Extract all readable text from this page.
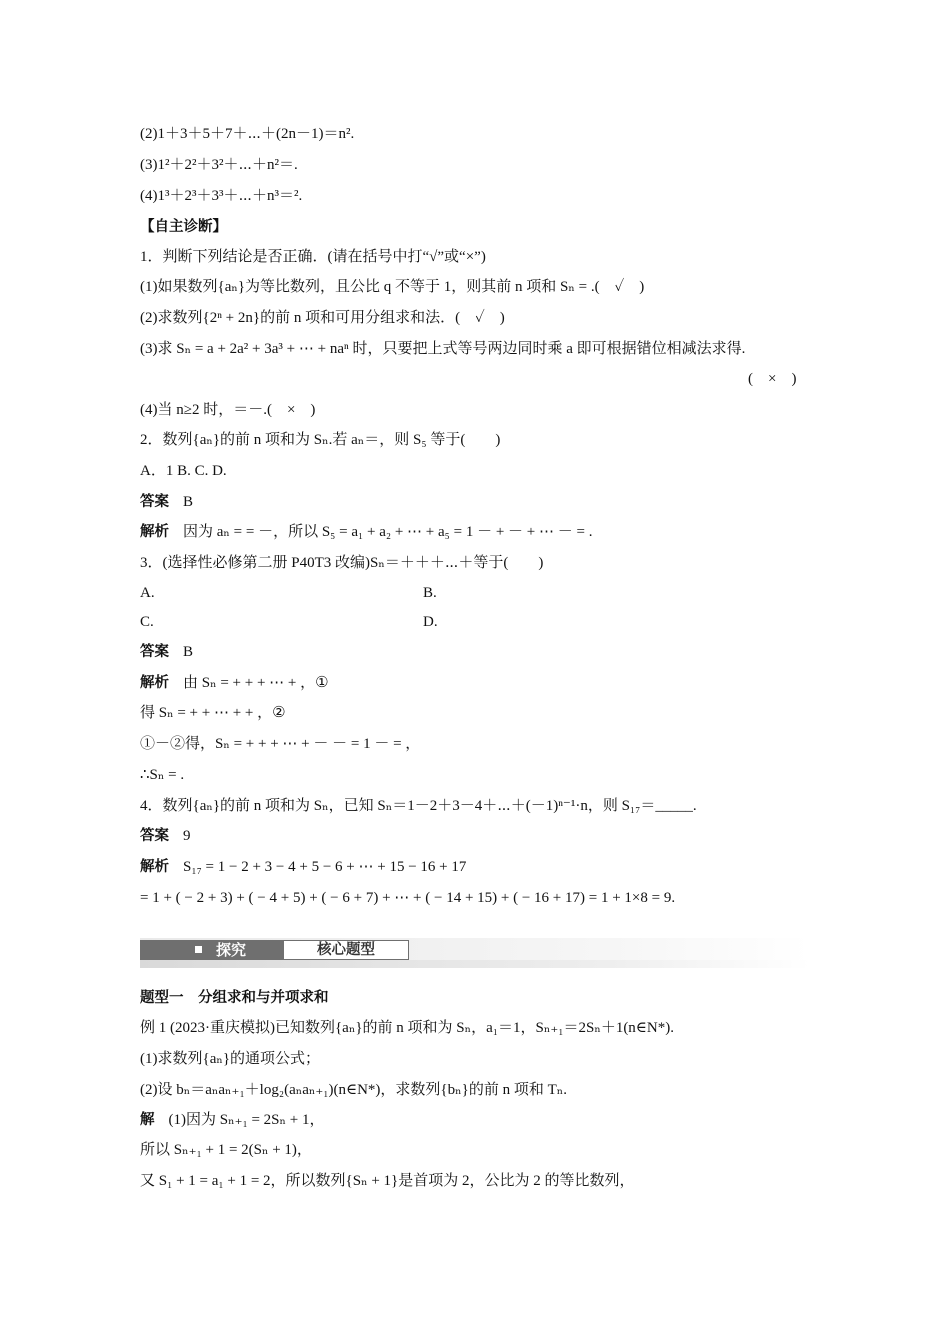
(2)1＋3＋5＋7＋⋯＋(2n－1)＝n².
(3)1²＋2²＋3²＋⋯＋n²＝.
(4)1³＋2³＋3³＋⋯＋n³＝².
【自主诊断】
1．判断下列结论是否正确．(请在括号中打“√”或“×”)
(1)如果数列{aₙ}为等比数列，且公比 q 不等于 1，则其前 n 项和 Sₙ = .(　✓　)
(2)求数列{2ⁿ + 2n}的前 n 项和可用分组求和法．(　✓　)
(3)求 Sₙ = a + 2a² + 3a³ + ⋯ + naⁿ 时，只要把上式等号两边同时乘 a 即可根据错位相减法求得.
(　×　)
(4)当 n≥2 时，＝－.(　×　)
2．数列{aₙ}的前 n 项和为 Sₙ.若 aₙ＝，则 S₅ 等于(　　)
A．1 B. C. D.
答案 B
解析 因为 aₙ = = －，所以 S₅ = a₁ + a₂ + ⋯ + a₅ = 1 － + － + ⋯ － = .
3．(选择性必修第二册 P40T3 改编)Sₙ＝＋＋＋⋯＋等于(　　)
A.	B.
C.	D.
答案 B
解析 由 Sₙ = + + + ⋯ + ，①
得 Sₙ = + + ⋯ + + ，②
①－②得，Sₙ = + + + ⋯ + － － = 1 － = ，
∴Sₙ = .
4．数列{aₙ}的前 n 项和为 Sₙ，已知 Sₙ＝1－2＋3－4＋⋯＋(－1)ⁿ⁻¹·n，则 S₁₇＝_____.
答案 9
解析 S₁₇ = 1 − 2 + 3 − 4 + 5 − 6 + ⋯ + 15 − 16 + 17
= 1 + ( − 2 + 3) + ( − 4 + 5) + ( − 6 + 7) + ⋯ + ( − 14 + 15) + ( − 16 + 17) = 1 + 1×8 = 9.
探究	核心题型
题型一　分组求和与并项求和
例 1 (2023·重庆模拟)已知数列{aₙ}的前 n 项和为 Sₙ，a₁＝1，Sₙ₊₁＝2Sₙ＋1(n∈N*).
(1)求数列{aₙ}的通项公式；
(2)设 bₙ＝aₙaₙ₊₁＋log₂(aₙaₙ₊₁)(n∈N*)，求数列{bₙ}的前 n 项和 Tₙ.
解 (1)因为 Sₙ₊₁ = 2Sₙ + 1，
所以 Sₙ₊₁ + 1 = 2(Sₙ + 1)，
又 S₁ + 1 = a₁ + 1 = 2，所以数列{Sₙ + 1}是首项为 2，公比为 2 的等比数列，
